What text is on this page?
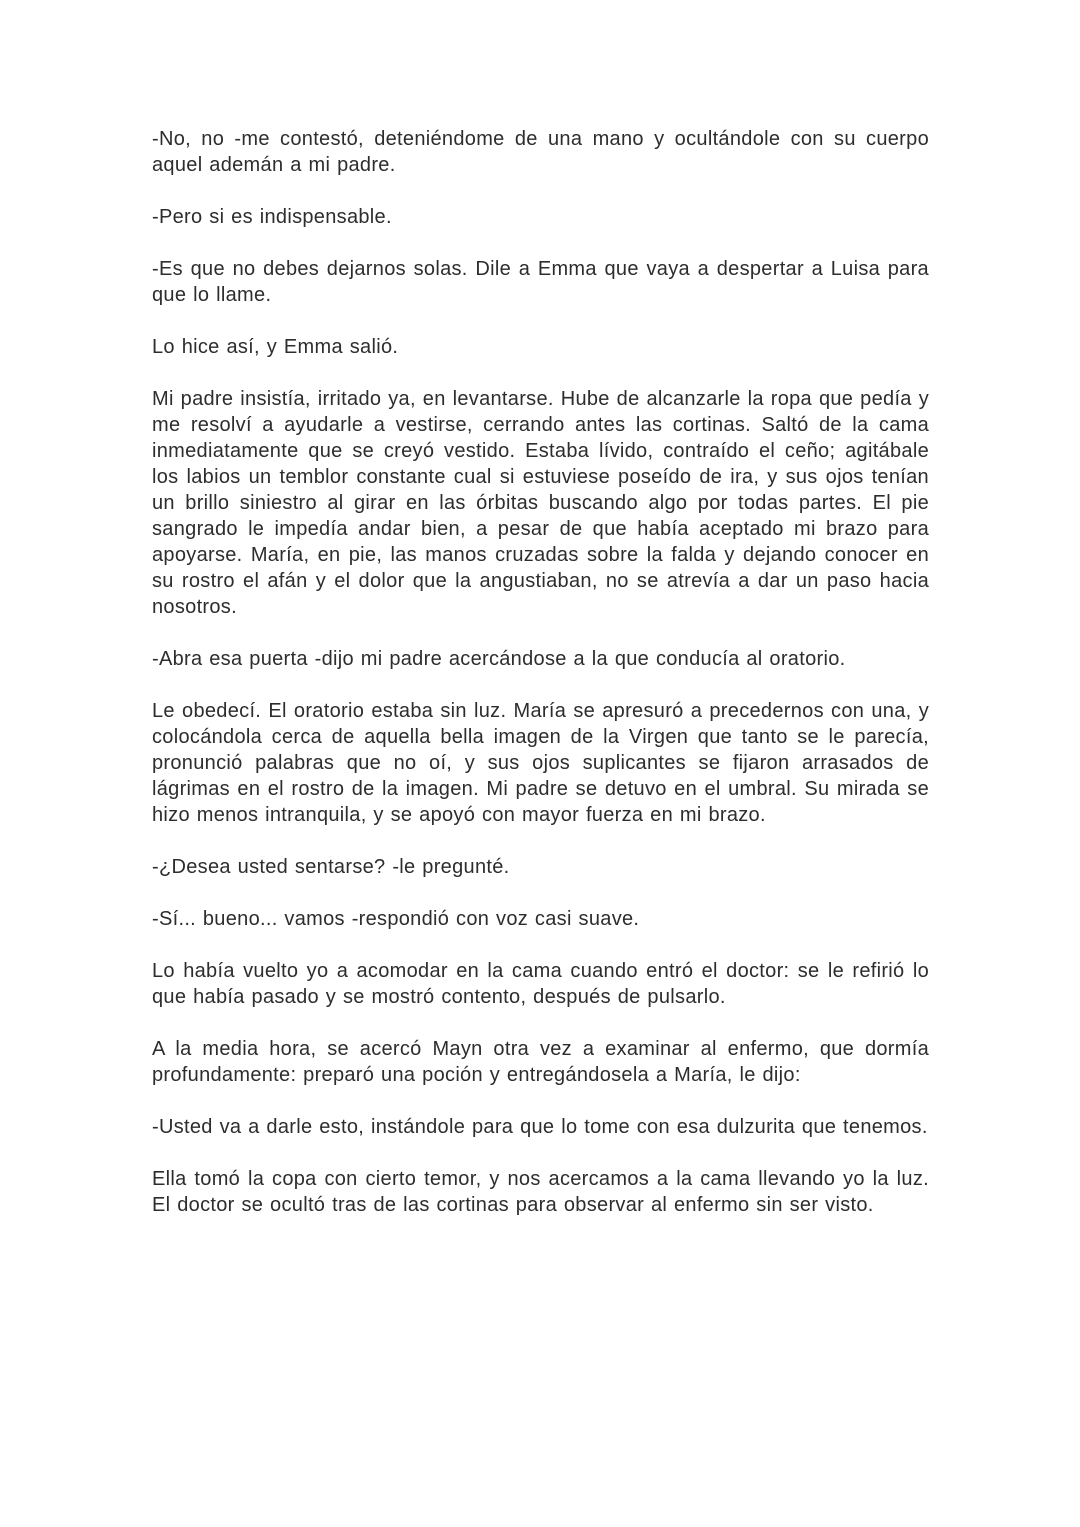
-No, no -me contestó, deteniéndome de una mano y ocultándole con su cuerpo aquel ademán a mi padre.

-Pero si es indispensable.

-Es que no debes dejarnos solas. Dile a Emma que vaya a despertar a Luisa para que lo llame.

Lo hice así, y Emma salió.

Mi padre insistía, irritado ya, en levantarse. Hube de alcanzarle la ropa que pedía y me resolví a ayudarle a vestirse, cerrando antes las cortinas. Saltó de la cama inmediatamente que se creyó vestido. Estaba lívido, contraído el ceño; agitábale los labios un temblor constante cual si estuviese poseído de ira, y sus ojos tenían un brillo siniestro al girar en las órbitas buscando algo por todas partes. El pie sangrado le impedía andar bien, a pesar de que había aceptado mi brazo para apoyarse. María, en pie, las manos cruzadas sobre la falda y dejando conocer en su rostro el afán y el dolor que la angustiaban, no se atrevía a dar un paso hacia nosotros.

-Abra esa puerta -dijo mi padre acercándose a la que conducía al oratorio.

Le obedecí. El oratorio estaba sin luz. María se apresuró a precedernos con una, y colocándola cerca de aquella bella imagen de la Virgen que tanto se le parecía, pronunció palabras que no oí, y sus ojos suplicantes se fijaron arrasados de lágrimas en el rostro de la imagen. Mi padre se detuvo en el umbral. Su mirada se hizo menos intranquila, y se apoyó con mayor fuerza en mi brazo.

-¿Desea usted sentarse? -le pregunté.

-Sí... bueno... vamos -respondió con voz casi suave.

Lo había vuelto yo a acomodar en la cama cuando entró el doctor: se le refirió lo que había pasado y se mostró contento, después de pulsarlo.

A la media hora, se acercó Mayn otra vez a examinar al enfermo, que dormía profundamente: preparó una poción y entregándosela a María, le dijo:

-Usted va a darle esto, instándole para que lo tome con esa dulzurita que tenemos.

Ella tomó la copa con cierto temor, y nos acercamos a la cama llevando yo la luz. El doctor se ocultó tras de las cortinas para observar al enfermo sin ser visto.
